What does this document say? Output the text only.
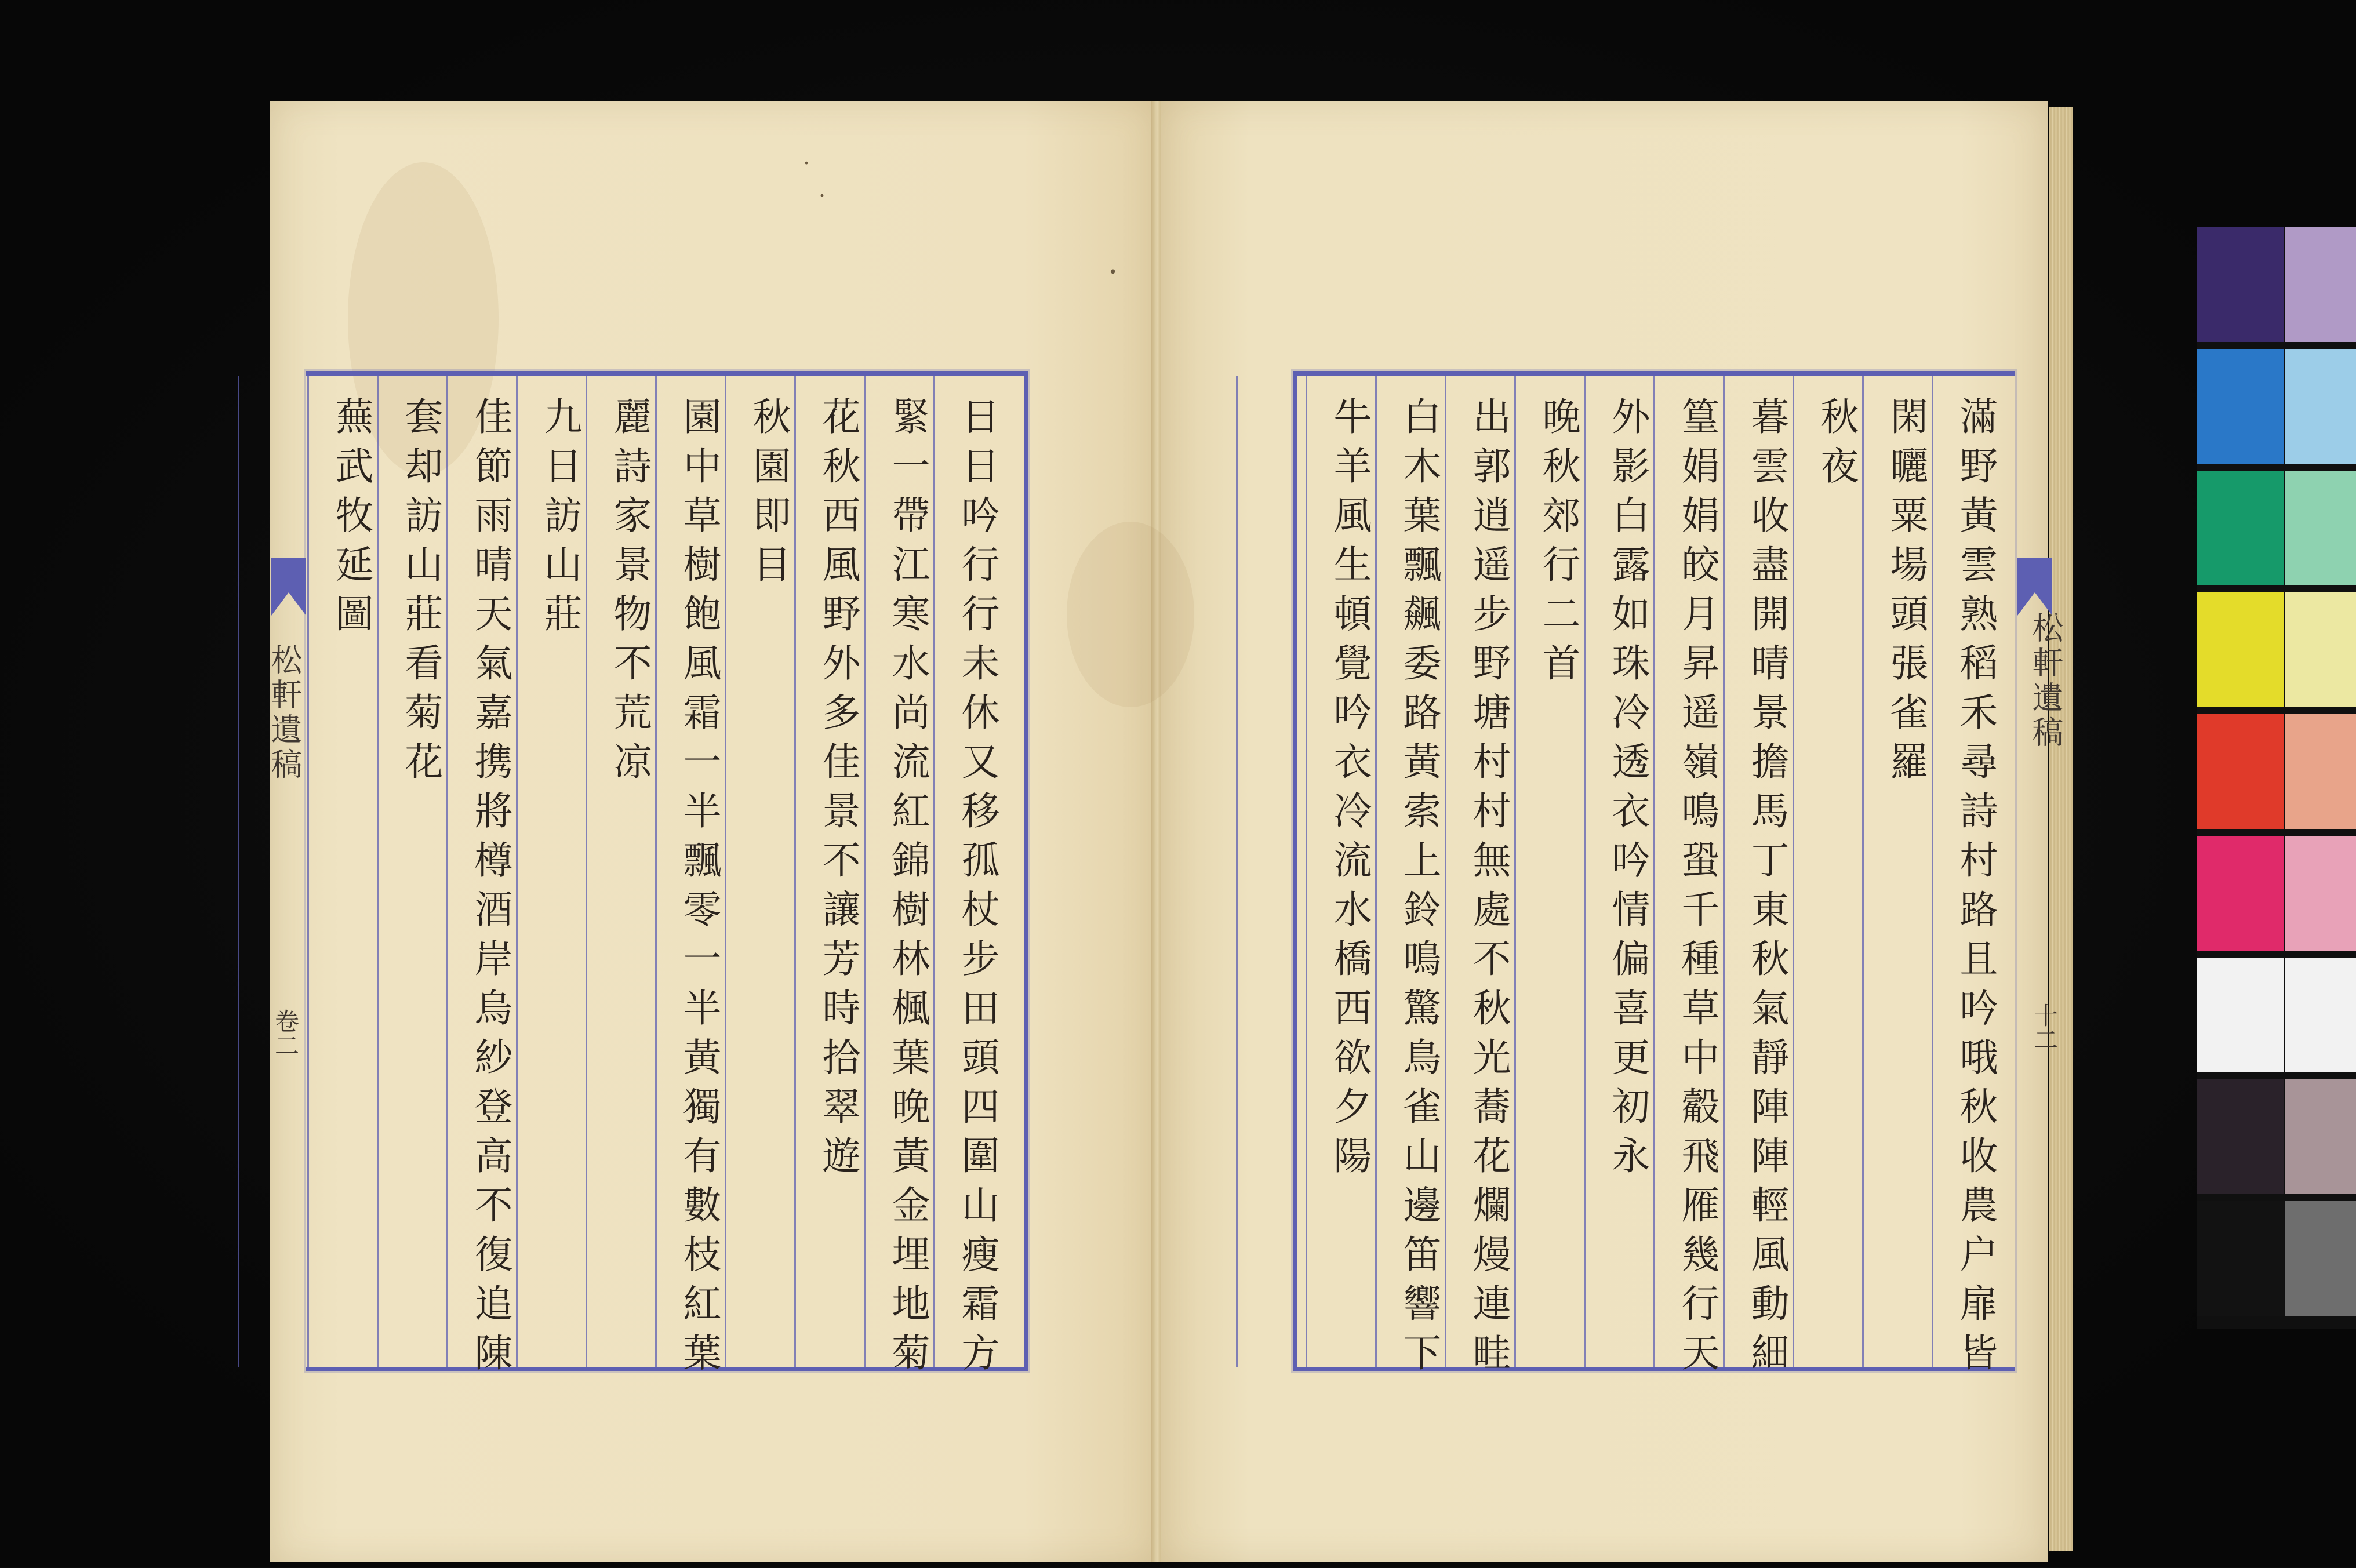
・
・
•
日日吟行行未休又移孤杖步田頭四圍山瘦霜方
緊一帶江寒水尚流紅錦樹林楓葉晚黃金埋地菊
花秋西風野外多佳景不讓芳時拾翠遊
秋園即目
園中草樹飽風霜一半飄零一半黃獨有數枝紅葉
麗詩家景物不荒凉
九日訪山莊
佳節雨晴天氣嘉携將樽酒岸烏紗登高不復追陳
套却訪山莊看菊花
蕪武牧延圖	滿野黃雲熟稻禾尋詩村路且吟哦秋收農户扉皆
閑曬粟場頭張雀羅
秋夜
暮雲收盡開晴景擔馬丁東秋氣靜陣陣輕風動細
篁娟娟皎月昇遥嶺鳴蛩千種草中觳飛雁幾行天
外影白露如珠冷透衣吟情偏喜更初永
晚秋郊行二首
出郭逍遥步野塘村村無處不秋光蕎花爛熳連畦
白木葉飄飆委路黃索上鈴鳴驚鳥雀山邊笛響下
牛羊風生頓覺吟衣冷流水橋西欲夕陽
松軒遺稿
卷二
松軒遺稿
十二
